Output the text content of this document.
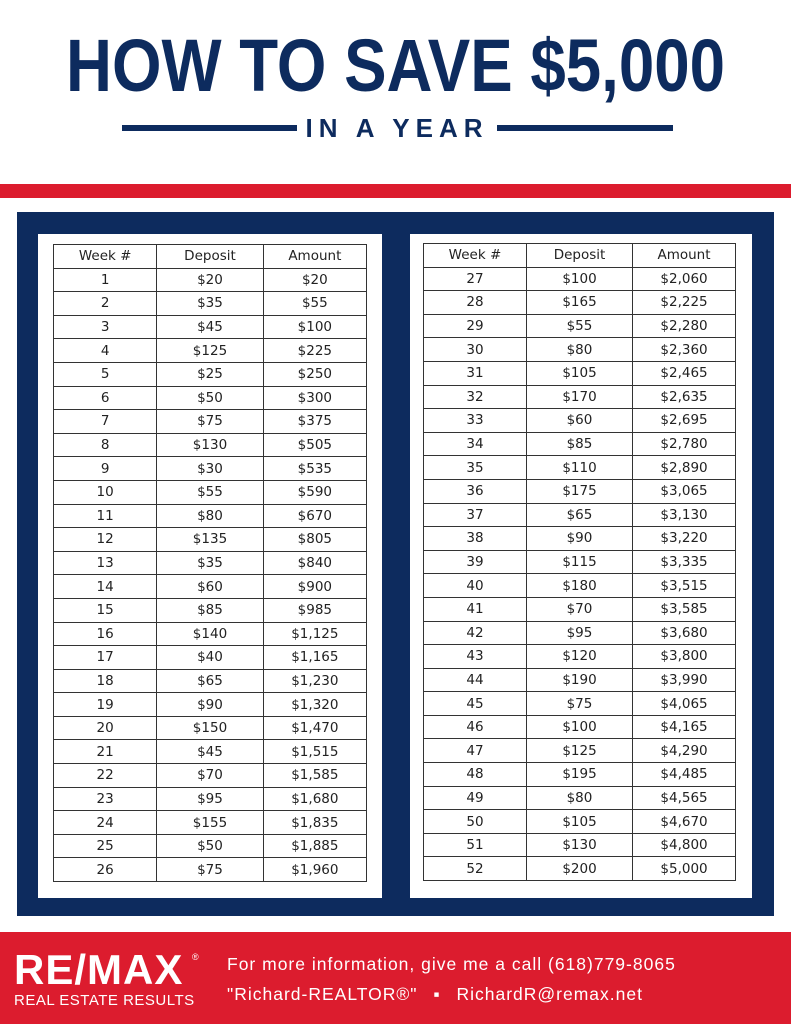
HOW TO SAVE $5,000
IN A YEAR
Week #	Deposit	Amount
1	$20	$20
2	$35	$55
3	$45	$100
4	$125	$225
5	$25	$250
6	$50	$300
7	$75	$375
8	$130	$505
9	$30	$535
10	$55	$590
11	$80	$670
12	$135	$805
13	$35	$840
14	$60	$900
15	$85	$985
16	$140	$1,125
17	$40	$1,165
18	$65	$1,230
19	$90	$1,320
20	$150	$1,470
21	$45	$1,515
22	$70	$1,585
23	$95	$1,680
24	$155	$1,835
25	$50	$1,885
26	$75	$1,960
Week #	Deposit	Amount
27	$100	$2,060
28	$165	$2,225
29	$55	$2,280
30	$80	$2,360
31	$105	$2,465
32	$170	$2,635
33	$60	$2,695
34	$85	$2,780
35	$110	$2,890
36	$175	$3,065
37	$65	$3,130
38	$90	$3,220
39	$115	$3,335
40	$180	$3,515
41	$70	$3,585
42	$95	$3,680
43	$120	$3,800
44	$190	$3,990
45	$75	$4,065
46	$100	$4,165
47	$125	$4,290
48	$195	$4,485
49	$80	$4,565
50	$105	$4,670
51	$130	$4,800
52	$200	$5,000
RE/MAX ®
REAL ESTATE RESULTS
For more information, give me a call (618)779-8065
"Richard-REALTOR®" ▪ RichardR@remax.net
